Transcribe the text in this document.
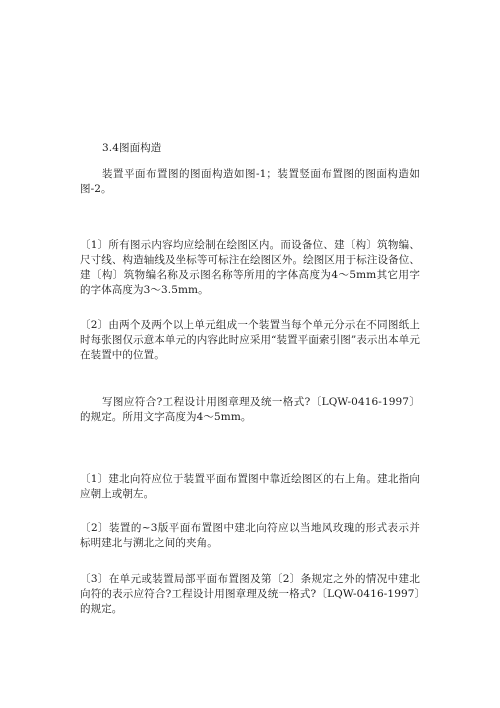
3.4图面构造

装置平面布置图的图面构造如图-1；装置竖面布置图的图面构造如图-2。

〔1〕所有图示内容均应绘制在绘图区内。而设备位、建〔构〕筑物编、尺寸线、构造轴线及坐标等可标注在绘图区外。绘图区用于标注设备位、建〔构〕筑物编名称及示图名称等所用的字体高度为4～5mm其它用字的字体高度为3～3.5mm。

〔2〕由两个及两个以上单元组成一个装置当每个单元分示在不同图纸上时每张图仅示意本单元的内容此时应采用“装置平面索引图”表示出本单元在装置中的位置。

写图应符合?工程设计用图章理及统一格式?〔LQW-0416-1997〕的规定。所用文字高度为4～5mm。

〔1〕建北向符应位于装置平面布置图中靠近绘图区的右上角。建北指向应朝上或朝左。

〔2〕装置的~3版平面布置图中建北向符应以当地风玫瑰的形式表示并标明建北与溯北之间的夹角。

〔3〕在单元或装置局部平面布置图及第〔2〕条规定之外的情况中建北向符的表示应符合?工程设计用图章理及统一格式?〔LQW-0416-1997〕的规定。
